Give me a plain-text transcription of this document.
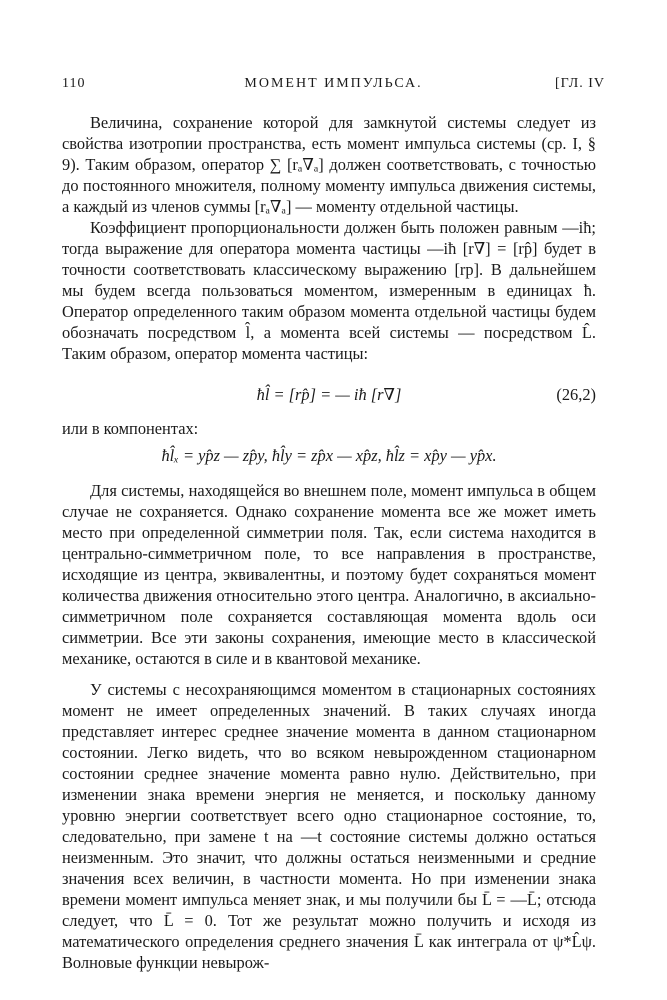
110	МОМЕНТ ИМПУЛЬСА.	[ГЛ. IV

Величина, сохранение которой для замкнутой системы следует из свойства изотропии пространства, есть момент импульса системы (ср. I, § 9). Таким образом, оператор ∑ [rₐ∇ₐ] должен соответствовать, с точностью до постоянного множителя, полному моменту импульса движения системы, а каждый из членов суммы [rₐ∇ₐ] — моменту отдельной частицы.

Коэффициент пропорциональности должен быть положен равным —iħ; тогда выражение для оператора момента частицы —iħ [r∇] = [rp̂] будет в точности соответствовать классическому выражению [rp]. В дальнейшем мы будем всегда пользоваться моментом, измеренным в единицах ħ. Оператор определенного таким образом момента отдельной частицы будем обозначать посредством l̂, а момента всей системы — посредством L̂. Таким образом, оператор момента частицы:

ħl̂ = [rp̂] = — iħ [r∇]	(26,2)

или в компонентах:

ħl̂ₓ = yp̂z — zp̂y, ħl̂y = zp̂x — xp̂z, ħl̂z = xp̂y — yp̂x.

Для системы, находящейся во внешнем поле, момент импульса в общем случае не сохраняется. Однако сохранение момента все же может иметь место при определенной симметрии поля. Так, если система находится в центрально-симметричном поле, то все направления в пространстве, исходящие из центра, эквивалентны, и поэтому будет сохраняться момент количества движения относительно этого центра. Аналогично, в аксиально-симметричном поле сохраняется составляющая момента вдоль оси симметрии. Все эти законы сохранения, имеющие место в классической механике, остаются в силе и в квантовой механике.

У системы с несохраняющимся моментом в стационарных состояниях момент не имеет определенных значений. В таких случаях иногда представляет интерес среднее значение момента в данном стационарном состоянии. Легко видеть, что во всяком невырожденном стационарном состоянии среднее значение момента равно нулю. Действительно, при изменении знака времени энергия не меняется, и поскольку данному уровню энергии соответствует всего одно стационарное состояние, то, следовательно, при замене t на —t состояние системы должно остаться неизменным. Это значит, что должны остаться неизменными и средние значения всех величин, в частности момента. Но при изменении знака времени момент импульса меняет знак, и мы получили бы L̄ = —L̄; отсюда следует, что L̄ = 0. Тот же результат можно получить и исходя из математического определения среднего значения L̄ как интеграла от ψ*L̂ψ. Волновые функции невырож-
